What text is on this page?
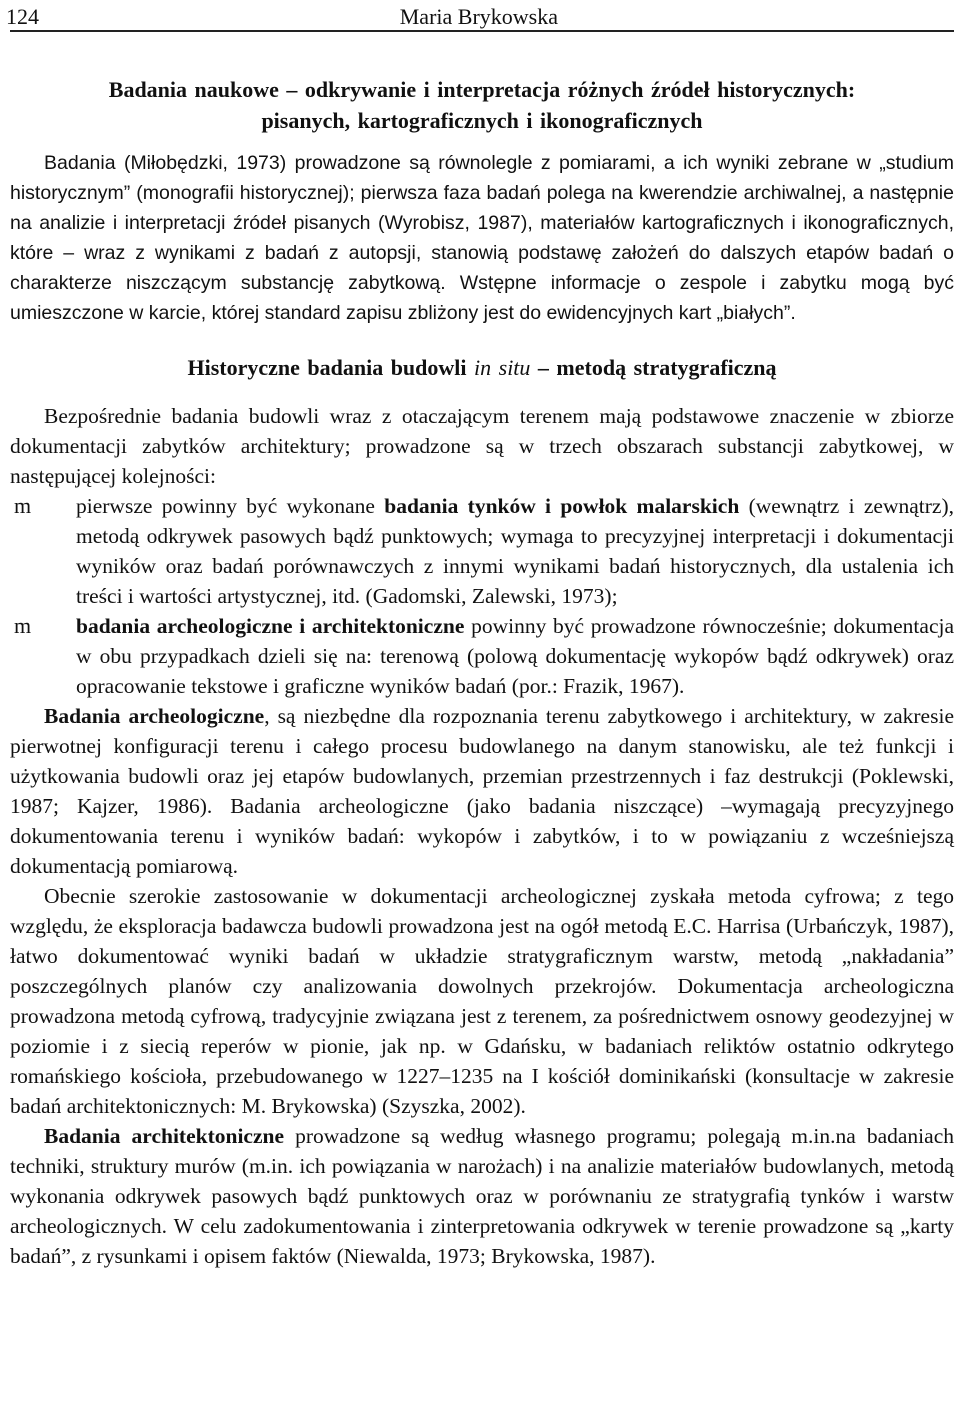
124	Maria Brykowska
Badania naukowe – odkrywanie i interpretacja różnych źródeł historycznych:
pisanych, kartograficznych i ikonograficznych

Badania (Miłobędzki, 1973) prowadzone są równolegle z pomiarami, a ich wyniki zebrane w „studium historycznym” (monografii historycznej); pierwsza faza badań polega na kwerendzie archiwalnej, a następnie na analizie i interpretacji źródeł pisanych (Wyrobisz, 1987), materiałów kartograficznych i ikonograficznych, które – wraz z wynikami z badań z autopsji, stanowią podstawę założeń do dalszych etapów badań o charakterze niszczącym substancję zabytkową. Wstępne informacje o zespole i zabytku mogą być umieszczone w karcie, której standard zapisu zbliżony jest do ewidencyjnych kart „białych”.

Historyczne badania budowli in situ – metodą stratygraficzną

Bezpośrednie badania budowli wraz z otaczającym terenem mają podstawowe znaczenie w zbiorze dokumentacji zabytków architektury; prowadzone są w trzech obszarach substancji zabytkowej, w następującej kolejności:

m	pierwsze powinny być wykonane badania tynków i powłok malarskich (wewnątrz i zewnątrz), metodą odkrywek pasowych bądź punktowych; wymaga to precyzyjnej interpretacji i dokumentacji wyników oraz badań porównawczych z innymi wynikami badań historycznych, dla ustalenia ich treści i wartości artystycznej, itd. (Gadomski, Zalewski, 1973);
m	badania archeologiczne i architektoniczne powinny być prowadzone równocześnie; dokumentacja w obu przypadkach dzieli się na: terenową (polową dokumentację wykopów bądź odkrywek) oraz opracowanie tekstowe i graficzne wyników badań (por.: Frazik, 1967).

Badania archeologiczne, są niezbędne dla rozpoznania terenu zabytkowego i architektury, w zakresie pierwotnej konfiguracji terenu i całego procesu budowlanego na danym stanowisku, ale też funkcji i użytkowania budowli oraz jej etapów budowlanych, przemian przestrzennych i faz destrukcji (Poklewski, 1987; Kajzer, 1986). Badania archeologiczne (jako badania niszczące) –wymagają precyzyjnego dokumentowania terenu i wyników badań: wykopów i zabytków, i to w powiązaniu z wcześniejszą dokumentacją pomiarową.

Obecnie szerokie zastosowanie w dokumentacji archeologicznej zyskała metoda cyfrowa; z tego względu, że eksploracja badawcza budowli prowadzona jest na ogół metodą E.C. Harrisa (Urbańczyk, 1987), łatwo dokumentować wyniki badań w układzie stratygraficznym warstw, metodą „nakładania” poszczególnych planów czy analizowania dowolnych przekrojów. Dokumentacja archeologiczna prowadzona metodą cyfrową, tradycyjnie związana jest z terenem, za pośrednictwem osnowy geodezyjnej w poziomie i z siecią reperów w pionie, jak np. w Gdańsku, w badaniach reliktów ostatnio odkrytego romańskiego kościoła, przebudowanego w 1227–1235 na I kościół dominikański (konsultacje w zakresie badań architektonicznych: M. Brykowska) (Szyszka, 2002).

Badania architektoniczne prowadzone są według własnego programu; polegają m.in.na badaniach techniki, struktury murów (m.in. ich powiązania w narożach) i na analizie materiałów budowlanych, metodą wykonania odkrywek pasowych bądź punktowych oraz w porównaniu ze stratygrafią tynków i warstw archeologicznych. W celu zadokumentowania i zinterpretowania odkrywek w terenie prowadzone są „karty badań”, z rysunkami i opisem faktów (Niewalda, 1973; Brykowska, 1987).
